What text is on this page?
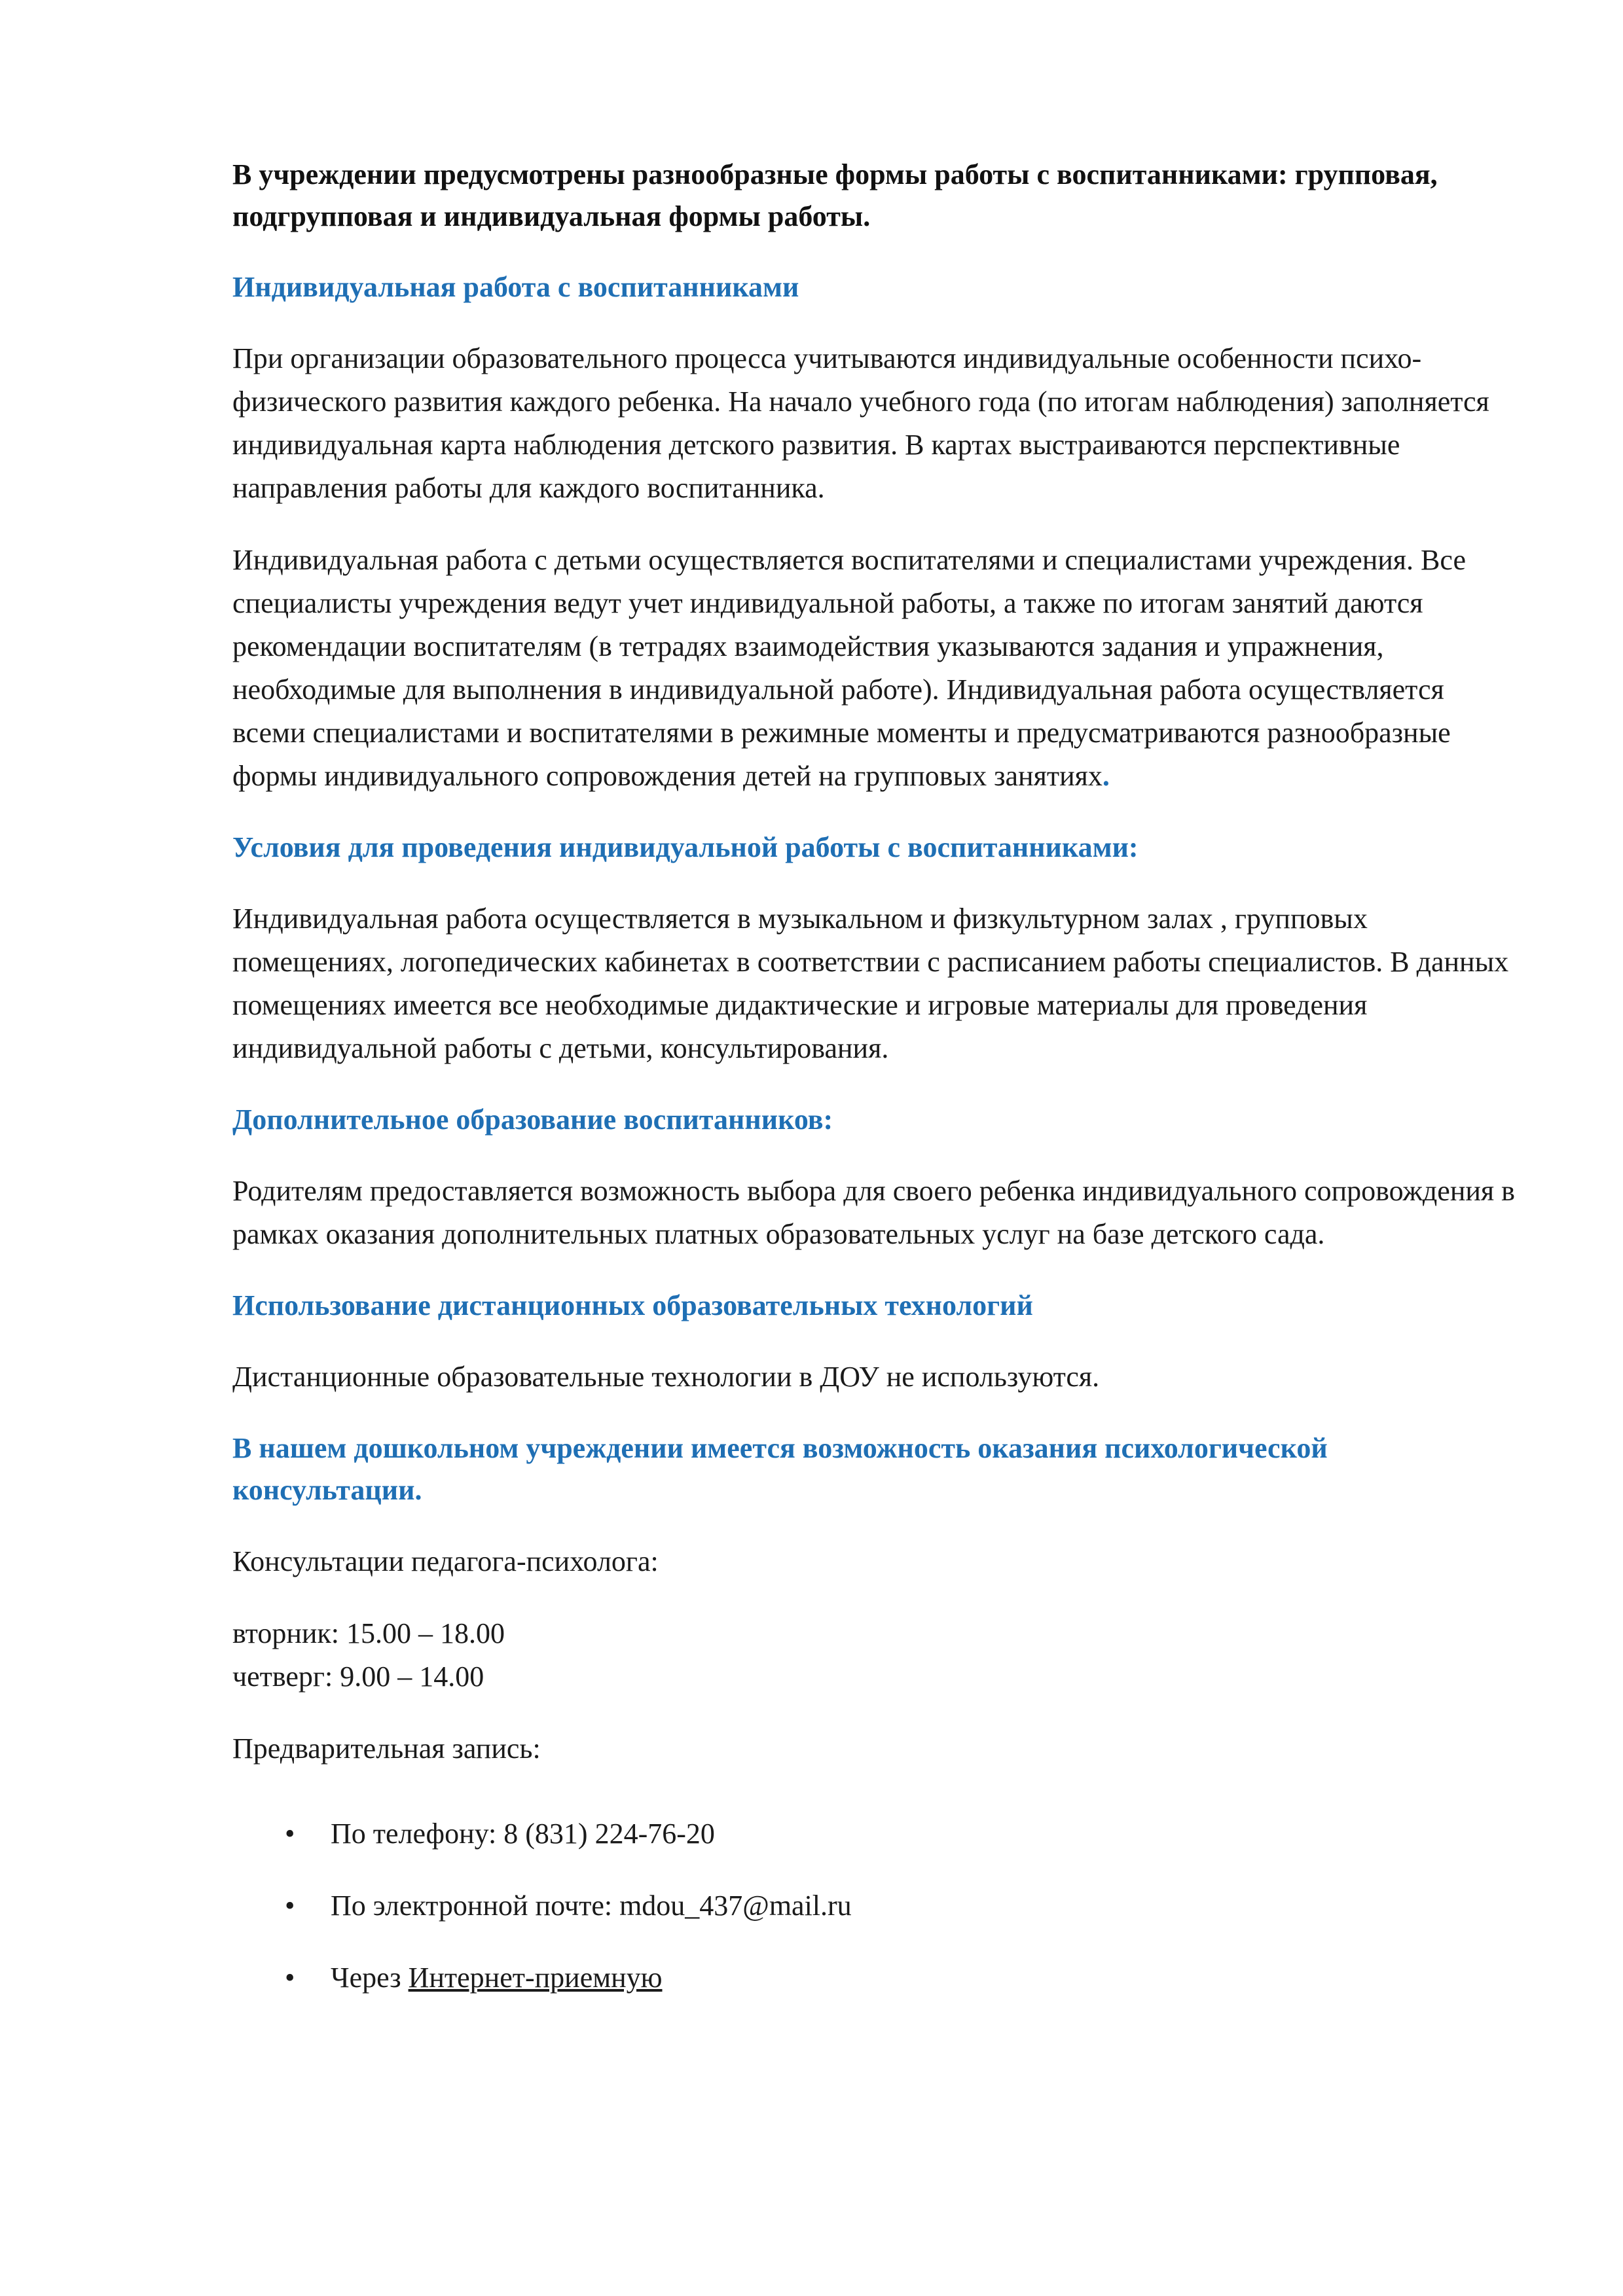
В учреждении предусмотрены разнообразные формы работы с воспитанниками: групповая, подгрупповая и индивидуальная формы работы.

Индивидуальная работа с воспитанниками

При организации образовательного процесса учитываются индивидуальные особенности психо-физического развития каждого ребенка. На начало учебного года (по итогам наблюдения) заполняется индивидуальная карта наблюдения детского развития. В картах выстраиваются перспективные направления работы для каждого воспитанника.

Индивидуальная работа с детьми осуществляется воспитателями и специалистами учреждения. Все специалисты учреждения ведут учет индивидуальной работы, а также по итогам занятий даются рекомендации воспитателям (в тетрадях взаимодействия указываются задания и упражнения, необходимые для выполнения в индивидуальной работе). Индивидуальная работа осуществляется всеми специалистами и воспитателями в режимные моменты и предусматриваются разнообразные формы индивидуального сопровождения детей на групповых занятиях.

Условия для проведения индивидуальной работы с воспитанниками:

Индивидуальная работа осуществляется в музыкальном и физкультурном залах , групповых помещениях, логопедических кабинетах в соответствии с расписанием работы специалистов. В данных помещениях имеется все необходимые дидактические и игровые материалы для проведения индивидуальной работы с детьми, консультирования.

Дополнительное образование воспитанников:

Родителям предоставляется возможность выбора для своего ребенка индивидуального сопровождения в рамках оказания дополнительных платных образовательных услуг на базе детского сада.

Использование дистанционных образовательных технологий

Дистанционные образовательные технологии в ДОУ не используются.

В нашем дошкольном учреждении имеется возможность оказания психологической консультации.

Консультации педагога-психолога:

вторник: 15.00 – 18.00

четверг: 9.00 – 14.00

Предварительная запись:

• По телефону: 8 (831) 224-76-20
• По электронной почте: mdou_437@mail.ru
• Через Интернет-приемную
